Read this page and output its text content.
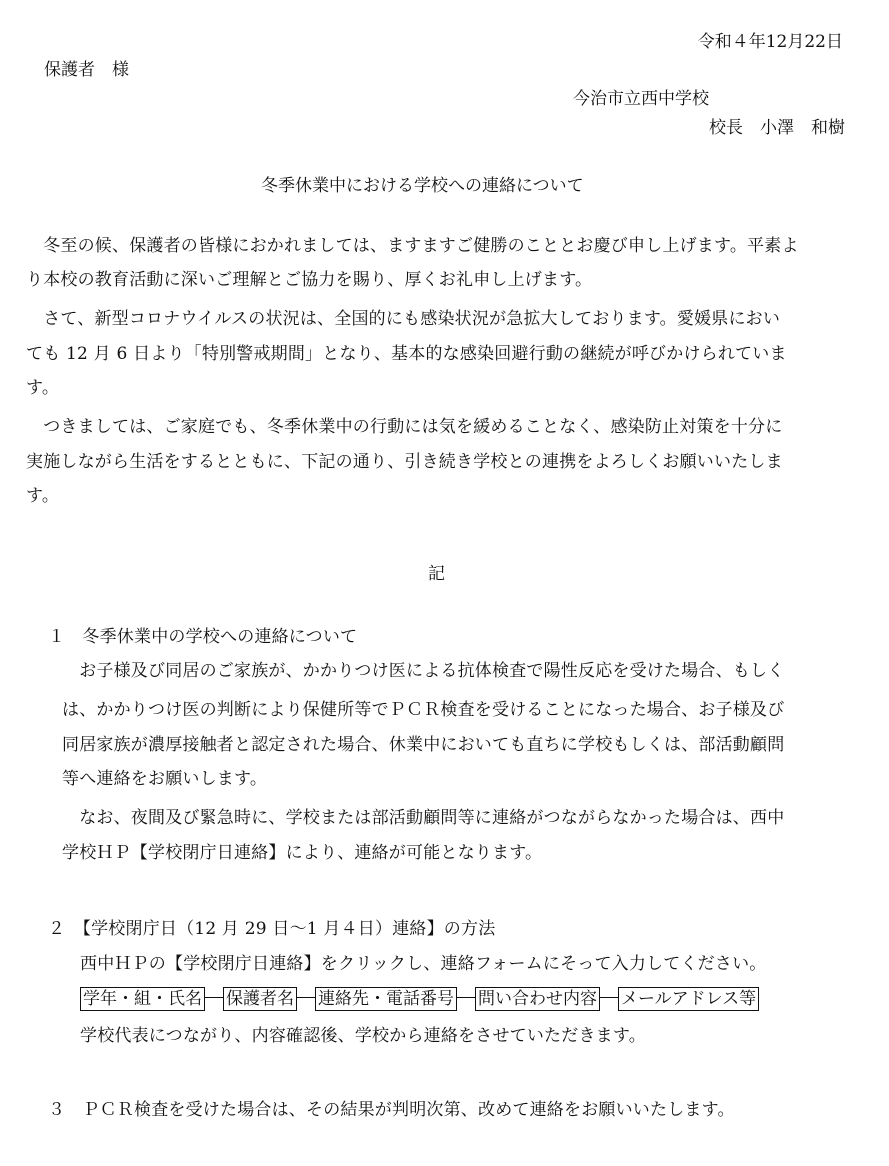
令和４年12月22日
保護者　様
今治市立西中学校
校長　小澤　和樹
冬季休業中における学校への連絡について
　冬至の候、保護者の皆様におかれましては、ますますご健勝のこととお慶び申し上げます。平素よ
り本校の教育活動に深いご理解とご協力を賜り、厚くお礼申し上げます。
　さて、新型コロナウイルスの状況は、全国的にも感染状況が急拡大しております。愛媛県におい
ても 12 月 6 日より「特別警戒期間」となり、基本的な感染回避行動の継続が呼びかけられていま
す。
　つきましては、ご家庭でも、冬季休業中の行動には気を緩めることなく、感染防止対策を十分に
実施しながら生活をするとともに、下記の通り、引き続き学校との連携をよろしくお願いいたしま
す。
記
１　冬季休業中の学校への連絡について
　お子様及び同居のご家族が、かかりつけ医による抗体検査で陽性反応を受けた場合、もしく
は、かかりつけ医の判断により保健所等でＰＣＲ検査を受けることになった場合、お子様及び
同居家族が濃厚接触者と認定された場合、休業中においても直ちに学校もしくは、部活動顧問
等へ連絡をお願いします。
　なお、夜間及び緊急時に、学校または部活動顧問等に連絡がつながらなかった場合は、西中
学校ＨＰ【学校閉庁日連絡】により、連絡が可能となります。
２　【学校閉庁日（12 月 29 日～1 月４日）連絡】の方法
西中ＨＰの【学校閉庁日連絡】をクリックし、連絡フォームにそって入力してください。
学年・組・氏名 保護者名 連絡先・電話番号 問い合わせ内容 メールアドレス等
学校代表につながり、内容確認後、学校から連絡をさせていただきます。
３　ＰＣＲ検査を受けた場合は、その結果が判明次第、改めて連絡をお願いいたします。
